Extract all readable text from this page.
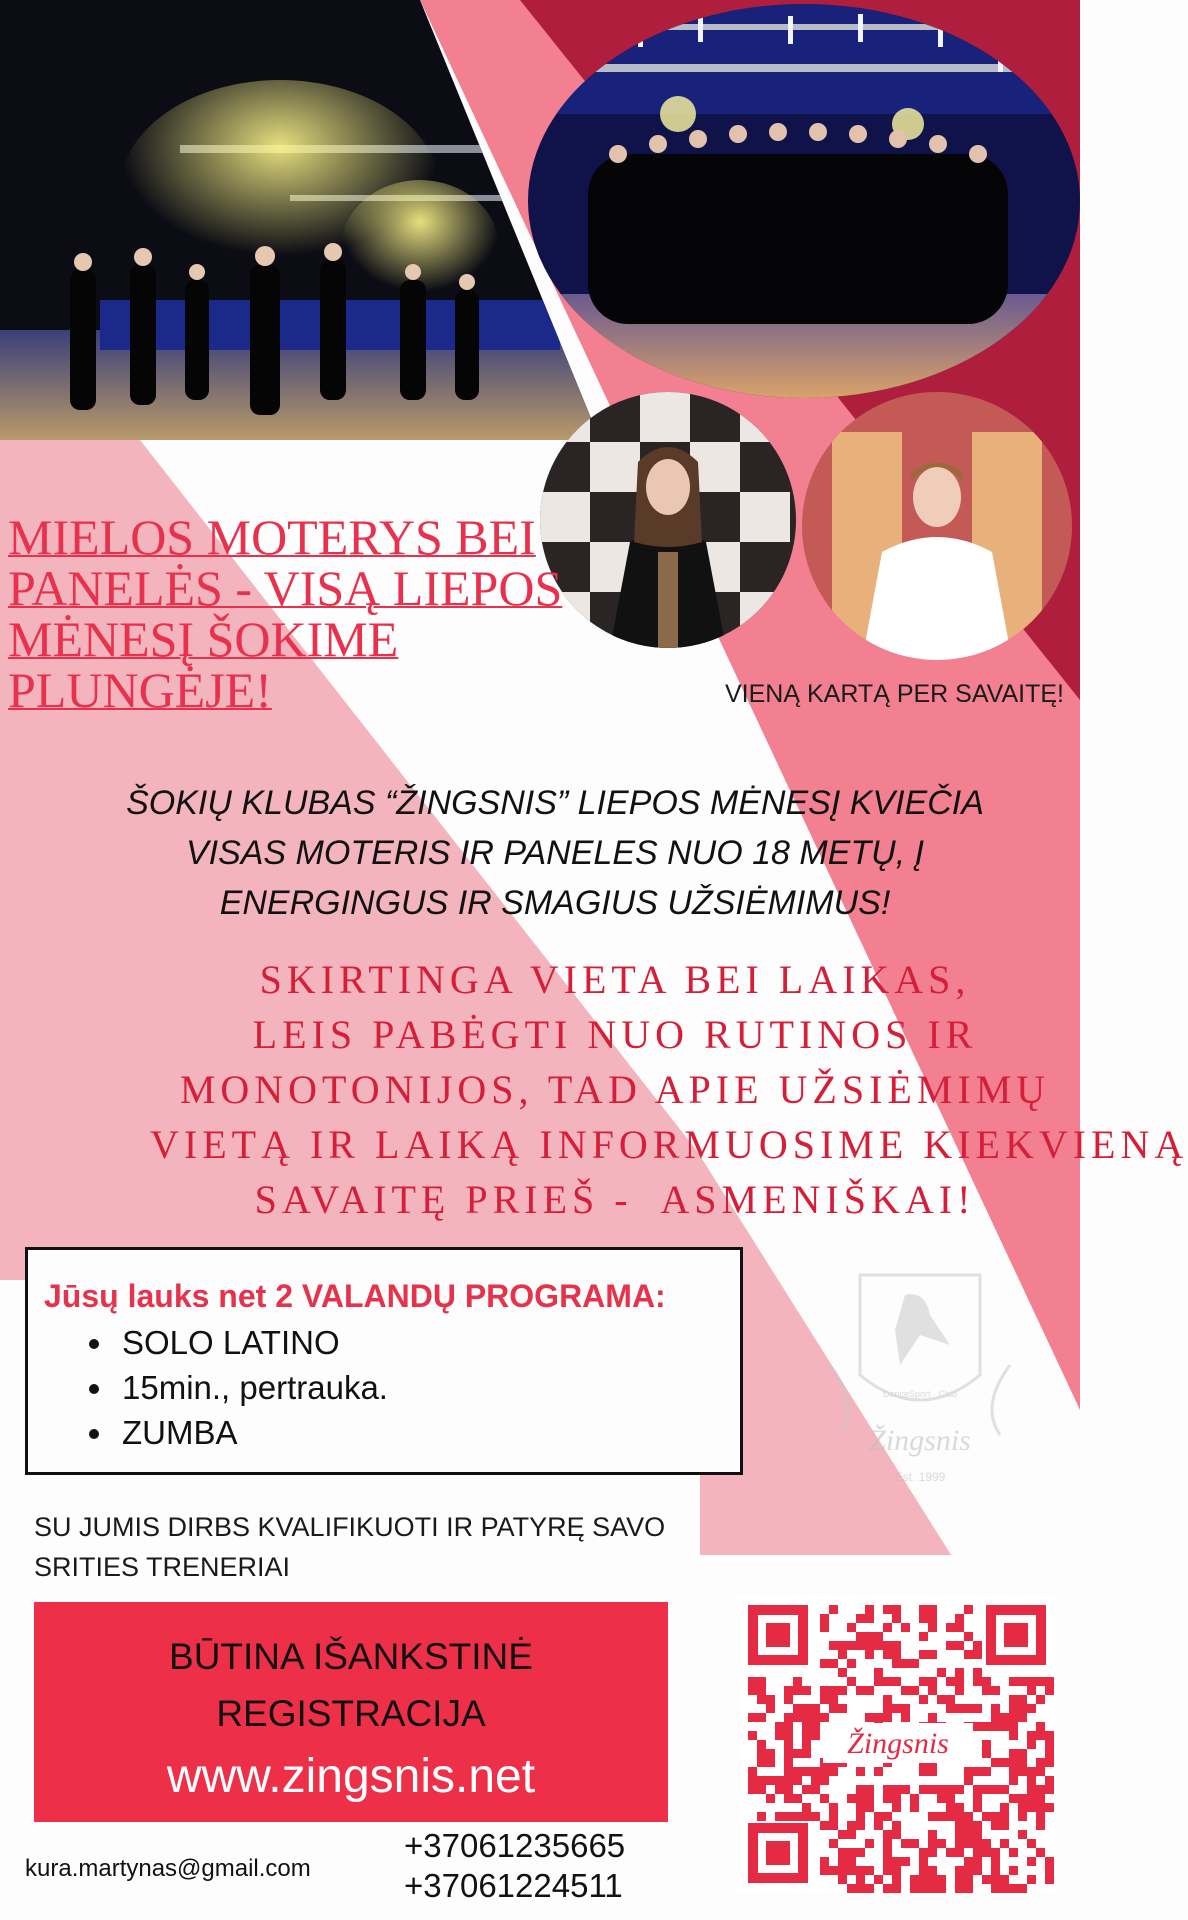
MIELOS MOTERYS BEI
PANELĖS - VISĄ LIEPOS
MĖNESĮ ŠOKIME PLUNGĖJE!	VIENĄ KARTĄ PER SAVAITĘ!
ŠOKIŲ KLUBAS “ŽINGSNIS” LIEPOS MĖNESĮ KVIEČIA
VISAS MOTERIS IR PANELES NUO 18 METŲ, Į
ENERGINGUS IR SMAGIUS UŽSIĖMIMUS!
SKIRTINGA VIETA BEI LAIKAS,
LEIS PABĖGTI NUO RUTINOS IR
MONOTONIJOS, TAD APIE UŽSIĖMIMŲ
VIETĄ IR LAIKĄ INFORMUOSIME KIEKVIENĄ
SAVAITĘ PRIEŠ -  ASMENIŠKAI!
Jūsų lauks net 2 VALANDŲ PROGRAMA:
• SOLO LATINO
• 15min., pertrauka.
• ZUMBA	Žingsnis
DanceSport · Club
Est. 1999
SU JUMIS DIRBS KVALIFIKUOTI IR PATYRĘ SAVO
SRITIES TRENERIAI
BŪTINA IŠANKSTINĖ
REGISTRACIJA
www.zingsnis.net
Žingsnis
kura.martynas@gmail.com
+37061235665
+37061224511
